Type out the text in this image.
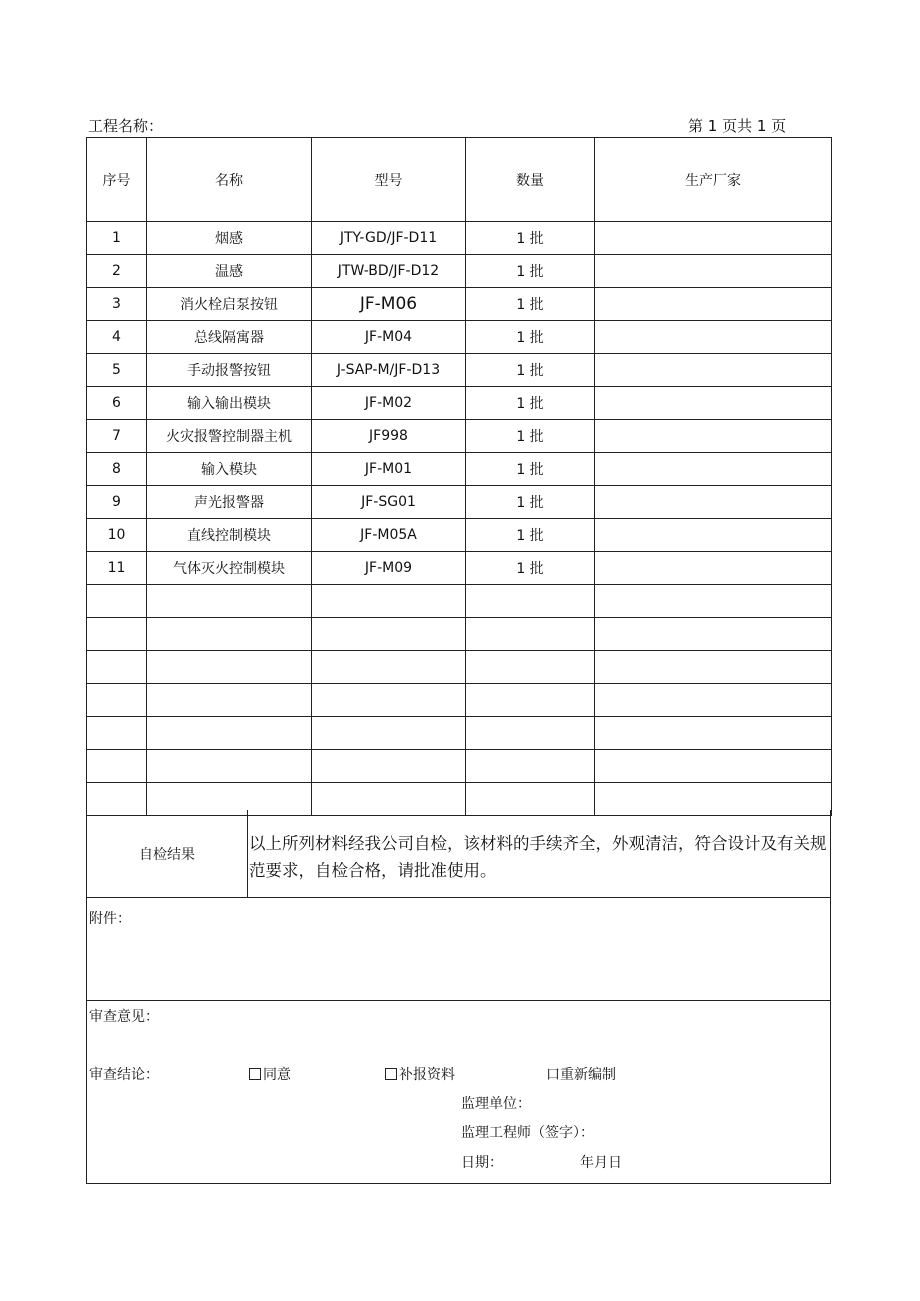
工程名称：	第 1 页共 1 页
序号	名称	型号	数量	生产厂家
1	烟感	JTY-GD/JF-D11	1 批	
2	温感	JTW-BD/JF-D12	1 批	
3	消火栓启泵按钮	JF-M06	1 批	
4	总线隔寓器	JF-M04	1 批	
5	手动报警按钮	J-SAP-M/JF-D13	1 批	
6	输入输出模块	JF-M02	1 批	
7	火灾报警控制器主机	JF998	1 批	
8	输入模块	JF-M01	1 批	
9	声光报警器	JF-SG01	1 批	
10	直线控制模块	JF-M05A	1 批	
11	气体灭火控制模块	JF-M09	1 批	

自检结果
以上所列材料经我公司自检，该材料的手续齐全，外观清洁，符合设计及有关规范要求，自检合格，请批准使用。
附件：
审查意见：
审查结论：	同意	补报资料	口重新编制
监理单位：
监理工程师（签字）：
日期：	年月日
